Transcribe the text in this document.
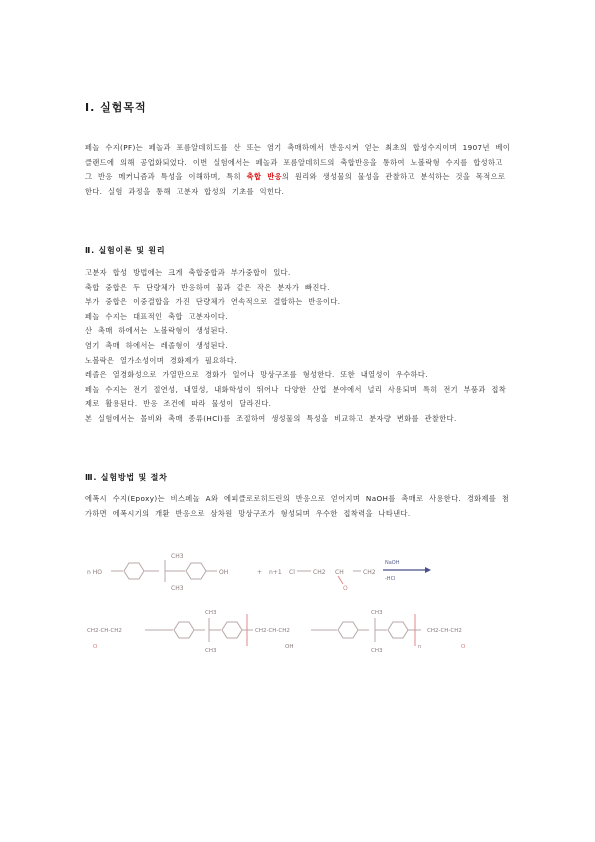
Ⅰ. 실험목적

페놀 수지(PF)는 페놀과 포름알데히드를 산 또는 염기 촉매하에서 반응시켜 얻는 최초의 합성수지이며 1907년 베이클랜드에 의해 공업화되었다. 이번 실험에서는 페놀과 포름알데히드의 축합반응을 통하여 노볼락형 수지를 합성하고 그 반응 메커니즘과 특성을 이해하며, 특히 축합 반응의 원리와 생성물의 물성을 관찰하고 분석하는 것을 목적으로 한다. 실험 과정을 통해 고분자 합성의 기초를 익힌다.

Ⅱ. 실험이론 및 원리
고분자 합성 방법에는 크게 축합중합과 부가중합이 있다.
축합 중합은 두 단량체가 반응하여 물과 같은 작은 분자가 빠진다.
부가 중합은 이중결합을 가진 단량체가 연속적으로 결합하는 반응이다.
페놀 수지는 대표적인 축합 고분자이다.
산 촉매 하에서는 노볼락형이 생성된다.
염기 촉매 하에서는 레졸형이 생성된다.
노볼락은 열가소성이며 경화제가 필요하다.
레졸은 열경화성으로 가열만으로 경화가 일어나 망상구조를 형성한다. 또한 내열성이 우수하다.
페놀 수지는 전기 절연성, 내열성, 내화학성이 뛰어나 다양한 산업 분야에서 널리 사용되며 특히 전기 부품과 접착제로 활용된다. 반응 조건에 따라 물성이 달라진다.
본 실험에서는 몰비와 촉매 종류(HCl)를 조절하여 생성물의 특성을 비교하고 분자량 변화를 관찰한다.
Ⅲ. 실험방법 및 절차

에폭시 수지(Epoxy)는 비스페놀 A와 에피클로로히드린의 반응으로 얻어지며 NaOH를 촉매로 사용한다. 경화제를 첨가하면 에폭시기의 개환 반응으로 삼차원 망상구조가 형성되며 우수한 접착력을 나타낸다.

n HO
CH3
CH3
OH	+ n+1 Cl	CH2 CH
O
CH2
NaOH
-HCl
CH2-CH-CH2
O
CH3
CH3
CH2-CH-CH2
OH
CH3
CH3
n
CH2-CH-CH2
O
